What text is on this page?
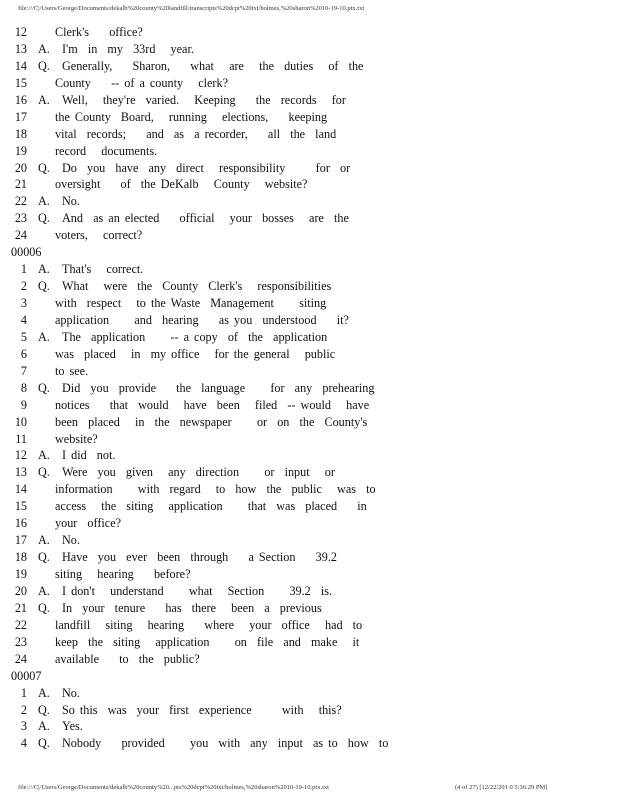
file:///C|/Users/George/Documents/dekalb%20county%20landfill/transcripts%20dcpt%20txt/holmes,%20sharon%2010-19-10.ptx.txt
12 Clerk's    office?
13 A. I'm  in  my  33rd   year.
14 Q. Generally,    Sharon,    what   are   the  duties   of  the
15 County    -- of a county   clerk?
16 A. Well,   they're  varied.   Keeping    the  records   for
17 the County  Board,   running   elections,    keeping
18 vital  records;    and  as  a recorder,    all  the  land
19 record   documents.
20 Q. Do  you  have  any  direct   responsibility      for  or
21 oversight    of  the DeKalb   County   website?
22 A. No.
23 Q. And  as an elected    official   your  bosses   are  the
24 voters,   correct?
00006
1 A. That's   correct.
2 Q. What   were  the  County  Clerk's   responsibilities
3 with  respect   to the Waste  Management     siting
4 application     and  hearing    as you  understood    it?
5 A. The  application     -- a copy  of  the  application
6 was  placed   in  my office   for the general   public
7 to see.
8 Q. Did  you  provide    the  language     for  any  prehearing
9 notices    that  would   have  been   filed  -- would   have
10 been  placed   in  the  newspaper     or  on  the  County's
11 website?
12 A. I did  not.
13 Q. Were  you  given   any  direction     or  input   or
14 information     with  regard   to  how  the  public   was  to
15 access   the  siting   application     that  was  placed    in
16 your  office?
17 A. No.
18 Q. Have  you  ever  been  through    a Section    39.2
19 siting   hearing    before?
20 A. I don't   understand     what   Section     39.2  is.
21 Q. In  your  tenure    has  there   been  a  previous
22 landfill   siting   hearing    where   your  office   had  to
23 keep  the  siting   application     on  file  and  make   it
24 available    to  the  public?
00007
1 A. No.
2 Q. So this  was  your  first  experience      with   this?
3 A. Yes.
4 Q. Nobody    provided     you  with  any  input  as to  how  to
file:///C|/Users/George/Documents/dekalb%20county%20...pts%20dcpt%20txt/holmes,%20sharon%2010-19-10.ptx.txt	(4 of 27) [12/22/201 0 5:36:29 PM]
